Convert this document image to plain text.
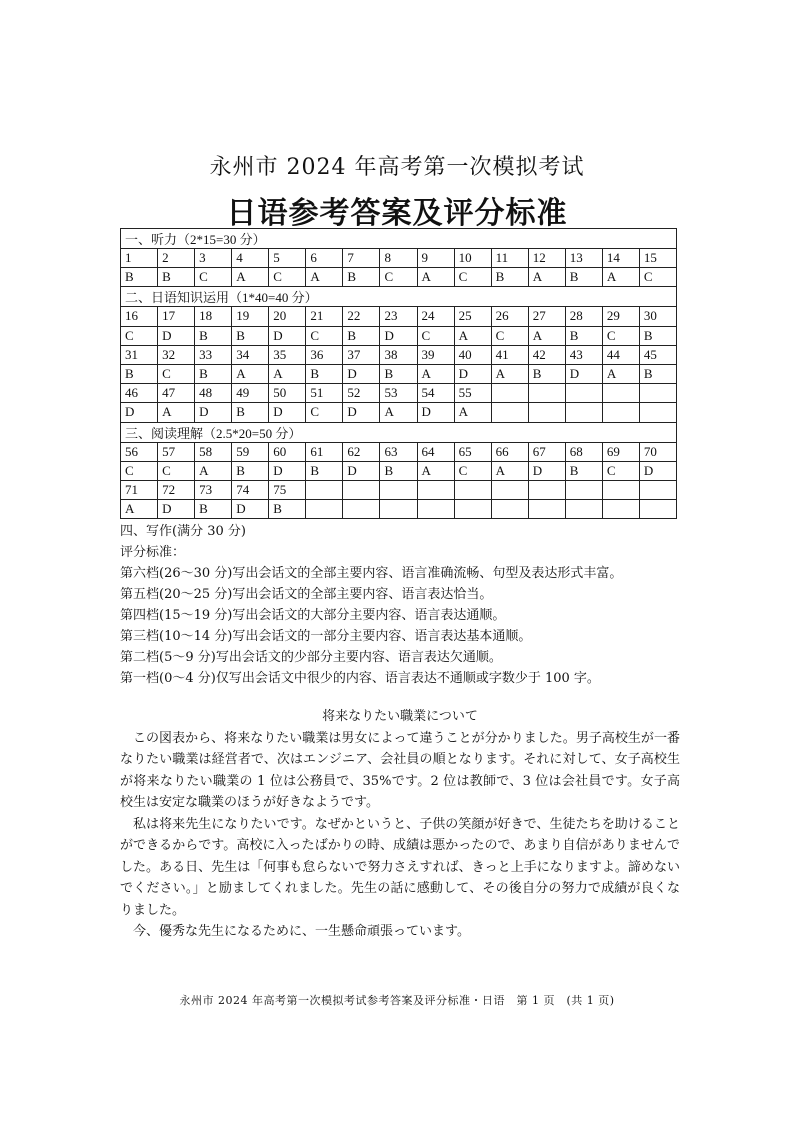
永州市 2024 年高考第一次模拟考试
日语参考答案及评分标准
一、听力（2*15=30 分）														
1	2	3	4	5	6	7	8	9	10	11	12	13	14	15
B	B	C	A	C	A	B	C	A	C	B	A	B	A	C
二、日语知识运用（1*40=40 分）														
16	17	18	19	20	21	22	23	24	25	26	27	28	29	30
C	D	B	B	D	C	B	D	C	A	C	A	B	C	B
31	32	33	34	35	36	37	38	39	40	41	42	43	44	45
B	C	B	A	A	B	D	B	A	D	A	B	D	A	B
46	47	48	49	50	51	52	53	54	55					
D	A	D	B	D	C	D	A	D	A					
三、阅读理解（2.5*20=50 分）														
56	57	58	59	60	61	62	63	64	65	66	67	68	69	70
C	C	A	B	D	B	D	B	A	C	A	D	B	C	D
71	72	73	74	75										
A	D	B	D	B										
四、写作(满分 30 分)
评分标准：
第六档(26～30 分)写出会话文的全部主要内容、语言准确流畅、句型及表达形式丰富。
第五档(20～25 分)写出会话文的全部主要内容、语言表达恰当。
第四档(15～19 分)写出会话文的大部分主要内容、语言表达通顺。
第三档(10～14 分)写出会话文的一部分主要内容、语言表达基本通顺。
第二档(5～9 分)写出会话文的少部分主要内容、语言表达欠通顺。
第一档(0～4 分)仅写出会话文中很少的内容、语言表达不通顺或字数少于 100 字。
将来なりたい職業について

この図表から、将来なりたい職業は男女によって違うことが分かりました。男子高校生が一番なりたい職業は経営者で、次はエンジニア、会社員の順となります。それに対して、女子高校生が将来なりたい職業の 1 位は公務員で、35%です。2 位は教師で、3 位は会社員です。女子高校生は安定な職業のほうが好きなようです。

私は将来先生になりたいです。なぜかというと、子供の笑顔が好きで、生徒たちを助けることができるからです。高校に入ったばかりの時、成績は悪かったので、あまり自信がありませんでした。ある日、先生は「何事も怠らないで努力さえすれば、きっと上手になりますよ。諦めないでください。」と励ましてくれました。先生の話に感動して、その後自分の努力で成績が良くなりました。

今、優秀な先生になるために、一生懸命頑張っています。

永州市 2024 年高考第一次模拟考试参考答案及评分标准・日语　第 1 页　(共 1 页)
